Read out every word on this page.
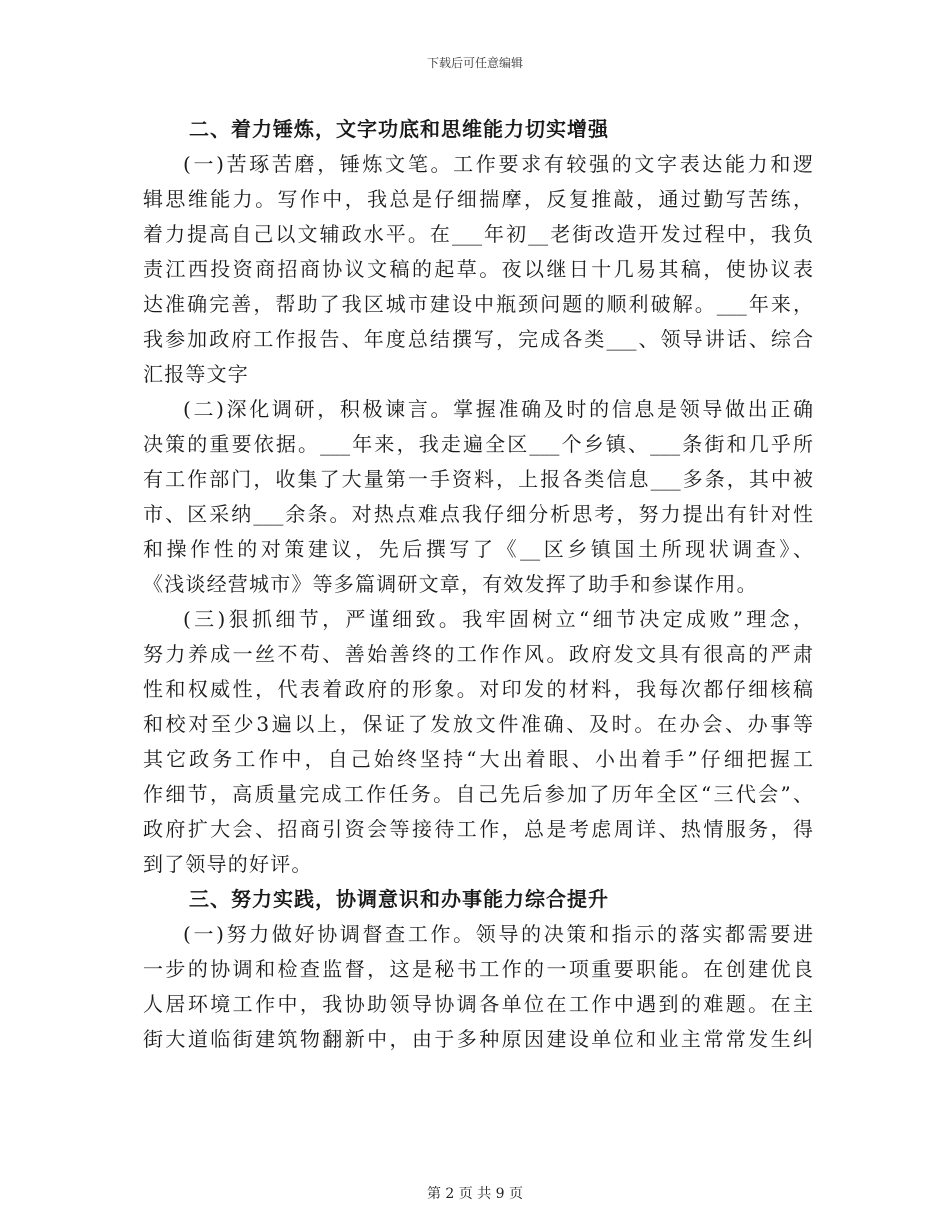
下载后可任意编辑
二、着力锤炼，文字功底和思维能力切实增强
(一)苦琢苦磨，锤炼文笔。工作要求有较强的文字表达能力和逻
辑思维能力。写作中，我总是仔细揣摩，反复推敲，通过勤写苦练，
着力提高自己以文辅政水平。在___年初__老街改造开发过程中，我负
责江西投资商招商协议文稿的起草。夜以继日十几易其稿，使协议表
达准确完善，帮助了我区城市建设中瓶颈问题的顺利破解。___年来，
我参加政府工作报告、年度总结撰写，完成各类___、领导讲话、综合
汇报等文字
(二)深化调研，积极谏言。掌握准确及时的信息是领导做出正确
决策的重要依据。___年来，我走遍全区___个乡镇、___条街和几乎所
有工作部门，收集了大量第一手资料，上报各类信息___多条，其中被
市、区采纳___余条。对热点难点我仔细分析思考，努力提出有针对性
和操作性的对策建议，先后撰写了《__区乡镇国土所现状调查》、
《浅谈经营城市》等多篇调研文章，有效发挥了助手和参谋作用。
(三)狠抓细节，严谨细致。我牢固树立“细节决定成败”理念，
努力养成一丝不苟、善始善终的工作作风。政府发文具有很高的严肃
性和权威性，代表着政府的形象。对印发的材料，我每次都仔细核稿
和校对至少3遍以上，保证了发放文件准确、及时。在办会、办事等
其它政务工作中，自己始终坚持“大出着眼、小出着手”仔细把握工
作细节，高质量完成工作任务。自己先后参加了历年全区“三代会”、
政府扩大会、招商引资会等接待工作，总是考虑周详、热情服务，得
到了领导的好评。
三、努力实践，协调意识和办事能力综合提升
(一)努力做好协调督查工作。领导的决策和指示的落实都需要进
一步的协调和检查监督，这是秘书工作的一项重要职能。在创建优良
人居环境工作中，我协助领导协调各单位在工作中遇到的难题。在主
街大道临街建筑物翻新中，由于多种原因建设单位和业主常常发生纠
第 2 页 共 9 页
